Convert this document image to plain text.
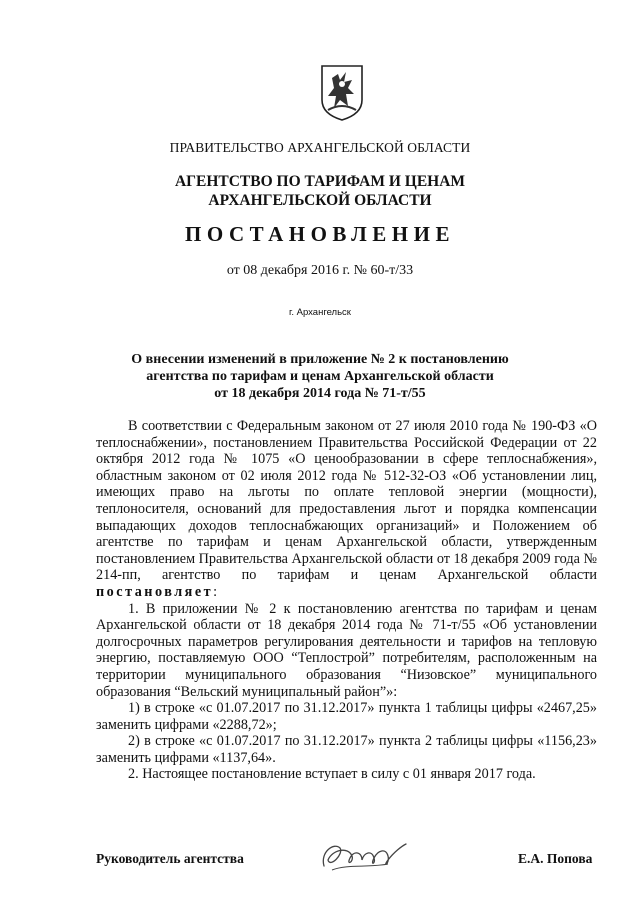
ПРАВИТЕЛЬСТВО АРХАНГЕЛЬСКОЙ ОБЛАСТИ
АГЕНТСТВО ПО ТАРИФАМ И ЦЕНАМ
АРХАНГЕЛЬСКОЙ ОБЛАСТИ
ПОСТАНОВЛЕНИЕ
от 08 декабря 2016 г. № 60-т/33
г. Архангельск
О внесении изменений в приложение № 2 к постановлению
агентства по тарифам и ценам Архангельской области
от 18 декабря 2014 года № 71-т/55

В соответствии с Федеральным законом от 27 июля 2010 года № 190-ФЗ «О теплоснабжении», постановлением Правительства Российской Федерации от 22 октября 2012 года № 1075 «О ценообразовании в сфере теплоснабжения», областным законом от 02 июля 2012 года № 512-32-ОЗ «Об установлении лиц, имеющих право на льготы по оплате тепловой энергии (мощности), теплоносителя, оснований для предоставления льгот и порядка компенсации выпадающих доходов теплоснабжающих организаций» и Положением об агентстве по тарифам и ценам Архангельской области, утвержденным постановлением Правительства Архангельской области от 18 декабря 2009 года № 214-пп, агентство по тарифам и ценам Архангельской области постановляет:

1. В приложении № 2 к постановлению агентства по тарифам и ценам Архангельской области от 18 декабря 2014 года № 71-т/55 «Об установлении долгосрочных параметров регулирования деятельности и тарифов на тепловую энергию, поставляемую ООО “Теплострой” потребителям, расположенным на территории муниципального образования “Низовское” муниципального образования “Вельский муниципальный район”»:

1) в строке «с 01.07.2017 по 31.12.2017» пункта 1 таблицы цифры «2467,25» заменить цифрами «2288,72»;

2) в строке «с 01.07.2017 по 31.12.2017» пункта 2 таблицы цифры «1156,23» заменить цифрами «1137,64».

2. Настоящее постановление вступает в силу с 01 января 2017 года.

Руководитель агентства	Е.А. Попова
